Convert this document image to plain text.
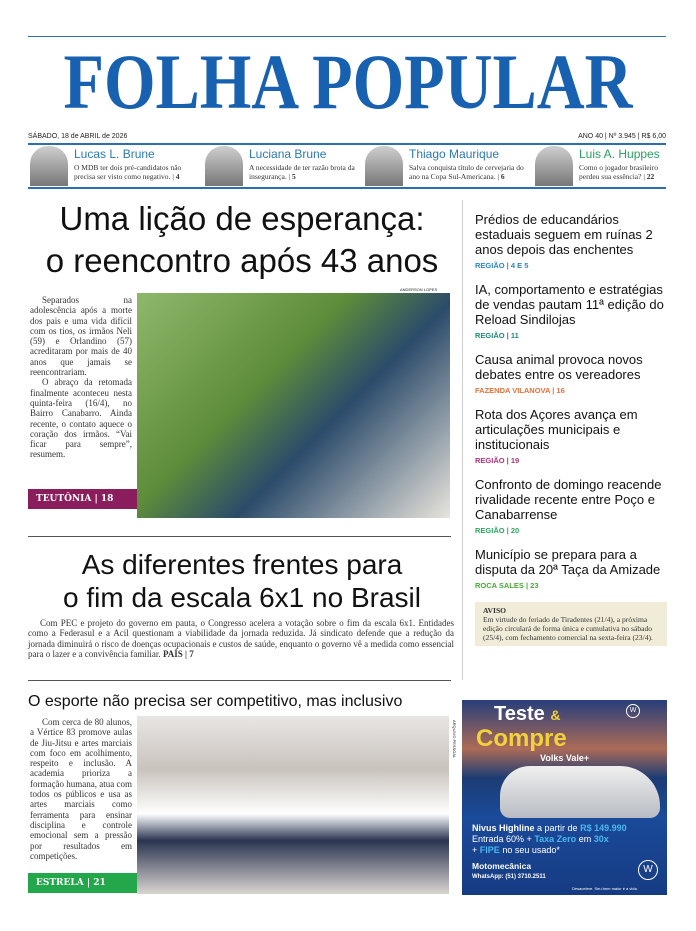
FOLHA POPULAR
SÁBADO, 18 de ABRIL de 2026	ANO 40 | Nº 3.945 | R$ 6,00
Lucas L. Brune
O MDB ter dois pré-candidatos não precisa ser visto como negativo. | 4
Luciana Brune
A necessidade de ter razão brota da insegurança. | 5
Thiago Maurique
Salva conquista título de cervejaria do ano na Copa Sul-Americana. | 6
Luis A. Huppes
Como o jogador brasileiro perdeu sua essência? | 22
Uma lição de esperança:
o reencontro após 43 anos

Separados na adolescência após a morte dos pais e uma vida difícil com os tios, os irmãos Neli (59) e Orlandino (57) acreditaram por mais de 40 anos que jamais se reencontrariam.

O abraço da retomada finalmente aconteceu nesta quinta-feira (16/4), no Bairro Canabarro. Ainda recente, o contato aquece o coração dos irmãos. “Vai ficar para sempre”, resumem.

ANDERSON LOPES
TEUTÔNIA | 18
As diferentes frentes para
o fim da escala 6x1 no Brasil
Com PEC e projeto do governo em pauta, o Congresso acelera a votação sobre o fim da escala 6x1. Entidades como a Federasul e a Acil questionam a viabilidade da jornada reduzida. Já sindicato defende que a redução da jornada diminuirá o risco de doenças ocupacionais e custos de saúde, enquanto o governo vê a medida como essencial para o lazer e a convivência familiar. PAÍS | 7
O esporte não precisa ser competitivo, mas inclusivo
Com cerca de 80 alunos, a Vértice 83 promove aulas de Jiu-Jitsu e artes marciais com foco em acolhimento, respeito e inclusão. A academia prioriza a formação humana, atua com todos os públicos e usa as artes marciais como ferramenta para ensinar disciplina e controle emocional sem a pressão por resultados em competições.
ARQUIVO PESSOAL
ESTRELA | 21
Prédios de educandários estaduais seguem em ruínas 2 anos depois das enchentes
REGIÃO | 4 E 5
IA, comportamento e estratégias de vendas pautam 11ª edição do Reload Sindilojas
REGIÃO | 11
Causa animal provoca novos debates entre os vereadores
FAZENDA VILANOVA | 16
Rota dos Açores avança em articulações municipais e institucionais
REGIÃO | 19
Confronto de domingo reacende rivalidade recente entre Poço e Canabarrense
REGIÃO | 20
Município se prepara para a disputa da 20ª Taça da Amizade
ROCA SALES | 23
AVISO
Em virtude do feriado de Tiradentes (21/4), a próxima edição circulará de forma única e cumulativa no sábado (25/4), com fechamento comercial na sexta-feira (23/4).
Teste &
Compre
Volks Vale+
W
Nivus Highline a partir de R$ 149.990
Entrada 60% + Taxa Zero em 30x
+ FIPE no seu usado*
Motomecânica
WhatsApp: (51) 3710.2511
W
Desacelere. Seu bem maior é a vida.
